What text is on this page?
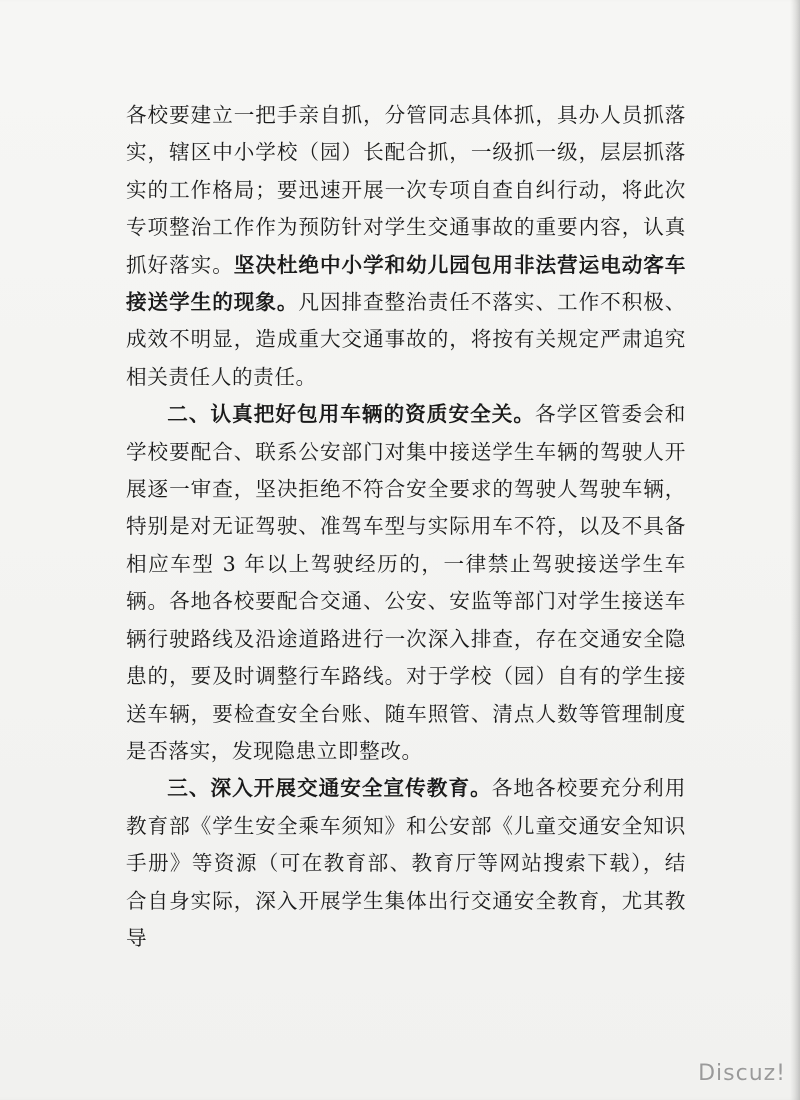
各校要建立一把手亲自抓，分管同志具体抓，具办人员抓落实，辖区中小学校（园）长配合抓，一级抓一级，层层抓落实的工作格局；要迅速开展一次专项自查自纠行动，将此次专项整治工作作为预防针对学生交通事故的重要内容，认真抓好落实。坚决杜绝中小学和幼儿园包用非法营运电动客车接送学生的现象。凡因排查整治责任不落实、工作不积极、成效不明显，造成重大交通事故的，将按有关规定严肃追究相关责任人的责任。

二、认真把好包用车辆的资质安全关。各学区管委会和学校要配合、联系公安部门对集中接送学生车辆的驾驶人开展逐一审查，坚决拒绝不符合安全要求的驾驶人驾驶车辆，特别是对无证驾驶、准驾车型与实际用车不符，以及不具备相应车型 3 年以上驾驶经历的，一律禁止驾驶接送学生车辆。各地各校要配合交通、公安、安监等部门对学生接送车辆行驶路线及沿途道路进行一次深入排查，存在交通安全隐患的，要及时调整行车路线。对于学校（园）自有的学生接送车辆，要检查安全台账、随车照管、清点人数等管理制度是否落实，发现隐患立即整改。

三、深入开展交通安全宣传教育。各地各校要充分利用教育部《学生安全乘车须知》和公安部《儿童交通安全知识手册》等资源（可在教育部、教育厅等网站搜索下载），结合自身实际，深入开展学生集体出行交通安全教育，尤其教导

Discuz!
